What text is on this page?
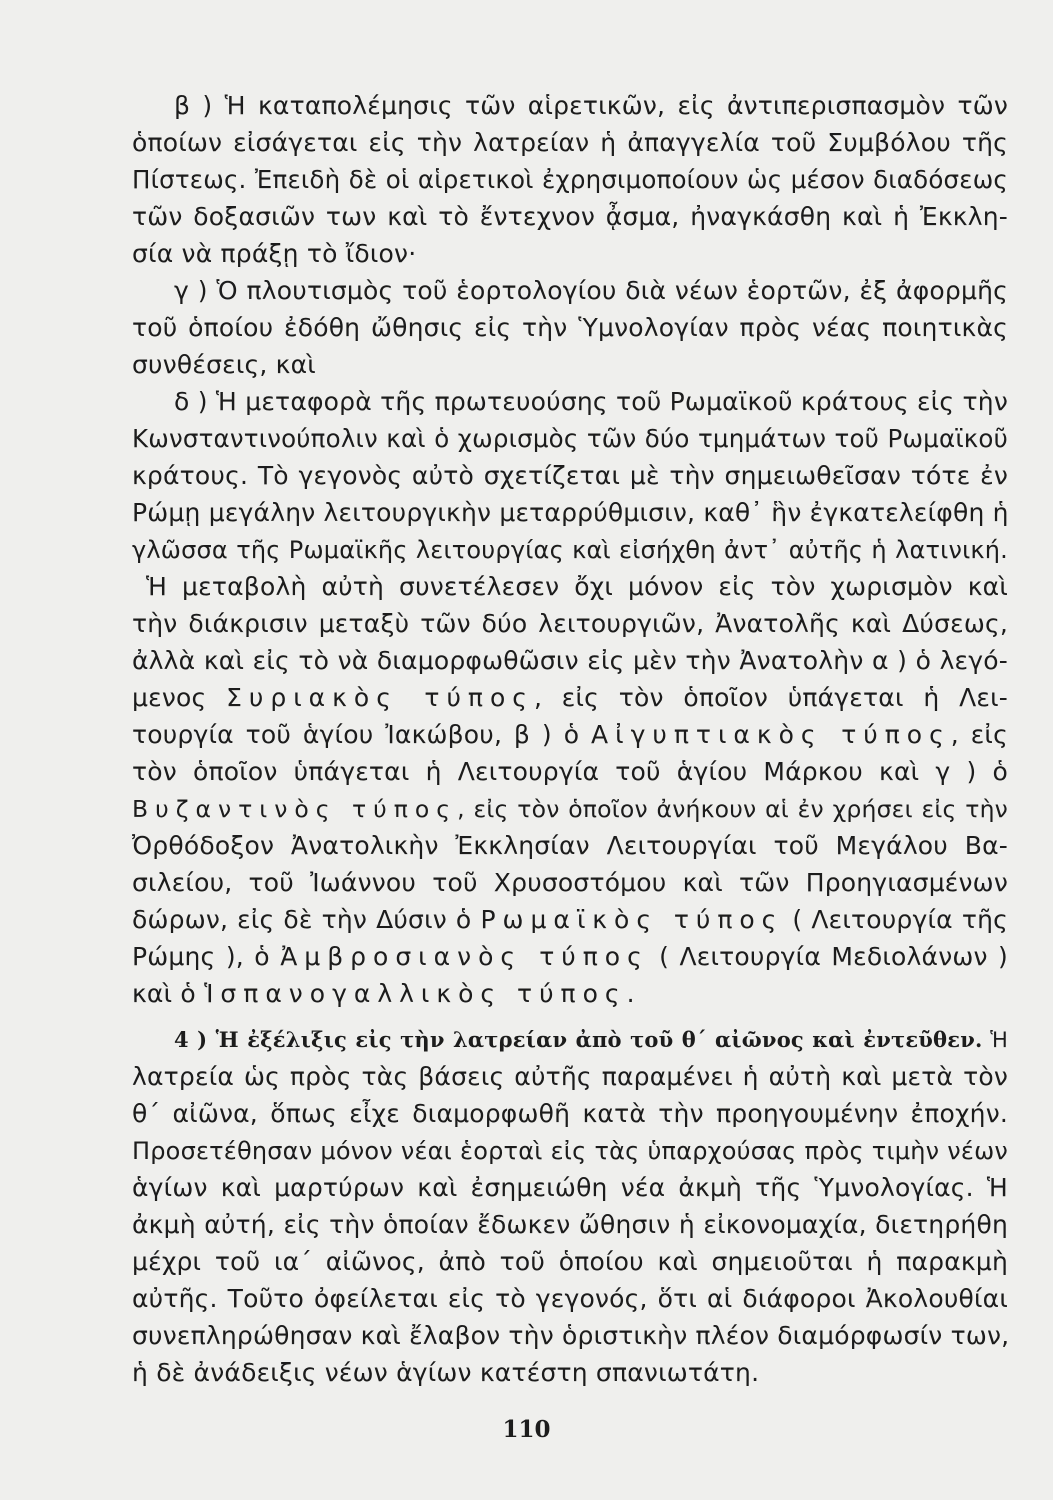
β ) Ἡ καταπολέμησις τῶν αἱρετικῶν, εἰς ἀντιπερισπασμὸν τῶν
ὁποίων εἰσάγεται εἰς τὴν λατρείαν ἡ ἀπαγγελία τοῦ Συμβόλου τῆς
Πίστεως. Ἐπειδὴ δὲ οἱ αἱρετικοὶ ἐχρησιμοποίουν ὡς μέσον διαδόσεως
τῶν δοξασιῶν των καὶ τὸ ἔντεχνον ᾆσμα, ἠναγκάσθη καὶ ἡ Ἐκκλη-
σία νὰ πράξῃ τὸ ἴδιον·
γ ) Ὁ πλουτισμὸς τοῦ ἑορτολογίου διὰ νέων ἑορτῶν, ἐξ ἀφορμῆς
τοῦ ὁποίου ἐδόθη ὤθησις εἰς τὴν Ὑμνολογίαν πρὸς νέας ποιητικὰς
συνθέσεις, καὶ
δ ) Ἡ μεταφορὰ τῆς πρωτευούσης τοῦ Ρωμαϊκοῦ κράτους εἰς τὴν
Κωνσταντινούπολιν καὶ ὁ χωρισμὸς τῶν δύο τμημάτων τοῦ Ρωμαϊκοῦ
κράτους. Τὸ γεγονὸς αὐτὸ σχετίζεται μὲ τὴν σημειωθεῖσαν τότε ἐν
Ρώμῃ μεγάλην λειτουργικὴν μεταρρύθμισιν, καθ᾽ ἣν ἐγκατελείφθη ἡ
γλῶσσα τῆς Ρωμαϊκῆς λειτουργίας καὶ εἰσήχθη ἀντ᾽ αὐτῆς ἡ λατινική.
Ἡ μεταβολὴ αὐτὴ συνετέλεσεν ὄχι μόνον εἰς τὸν χωρισμὸν καὶ
τὴν διάκρισιν μεταξὺ τῶν δύο λειτουργιῶν, Ἀνατολῆς καὶ Δύσεως,
ἀλλὰ καὶ εἰς τὸ νὰ διαμορφωθῶσιν εἰς μὲν τὴν Ἀνατολὴν α ) ὁ λεγό-
μενος Συριακὸς τύπος, εἰς τὸν ὁποῖον ὑπάγεται ἡ Λει-
τουργία τοῦ ἁγίου Ἰακώβου, β ) ὁ Αἰγυπτιακὸς τύπος, εἰς
τὸν ὁποῖον ὑπάγεται ἡ Λειτουργία τοῦ ἁγίου Μάρκου καὶ γ ) ὁ
Βυζαντινὸς τύπος, εἰς τὸν ὁποῖον ἀνήκουν αἱ ἐν χρήσει εἰς τὴν
Ὀρθόδοξον Ἀνατολικὴν Ἐκκλησίαν Λειτουργίαι τοῦ Μεγάλου Βα-
σιλείου, τοῦ Ἰωάννου τοῦ Χρυσοστόμου καὶ τῶν Προηγιασμένων
δώρων, εἰς δὲ τὴν Δύσιν ὁ Ρωμαϊκὸς τύπος ( Λειτουργία τῆς
Ρώμης ), ὁ Ἀμβροσιανὸς τύπος ( Λειτουργία Μεδιολάνων )
καὶ ὁ Ἱσπανογαλλικὸς τύπος.
4 ) Ἡ ἐξέλιξις εἰς τὴν λατρείαν ἀπὸ τοῦ θ´ αἰῶνος καὶ ἐντεῦθεν. Ἡ
λατρεία ὡς πρὸς τὰς βάσεις αὐτῆς παραμένει ἡ αὐτὴ καὶ μετὰ τὸν
θ´ αἰῶνα, ὅπως εἶχε διαμορφωθῆ κατὰ τὴν προηγουμένην ἐποχήν.
Προσετέθησαν μόνον νέαι ἑορταὶ εἰς τὰς ὑπαρχούσας πρὸς τιμὴν νέων
ἁγίων καὶ μαρτύρων καὶ ἐσημειώθη νέα ἀκμὴ τῆς Ὑμνολογίας. Ἡ
ἀκμὴ αὐτή, εἰς τὴν ὁποίαν ἔδωκεν ὤθησιν ἡ εἰκονομαχία, διετηρήθη
μέχρι τοῦ ια´ αἰῶνος, ἀπὸ τοῦ ὁποίου καὶ σημειοῦται ἡ παρακμὴ
αὐτῆς. Τοῦτο ὀφείλεται εἰς τὸ γεγονός, ὅτι αἱ διάφοροι Ἀκολουθίαι
συνεπληρώθησαν καὶ ἔλαβον τὴν ὁριστικὴν πλέον διαμόρφωσίν των,
ἡ δὲ ἀνάδειξις νέων ἁγίων κατέστη σπανιωτάτη.
110
